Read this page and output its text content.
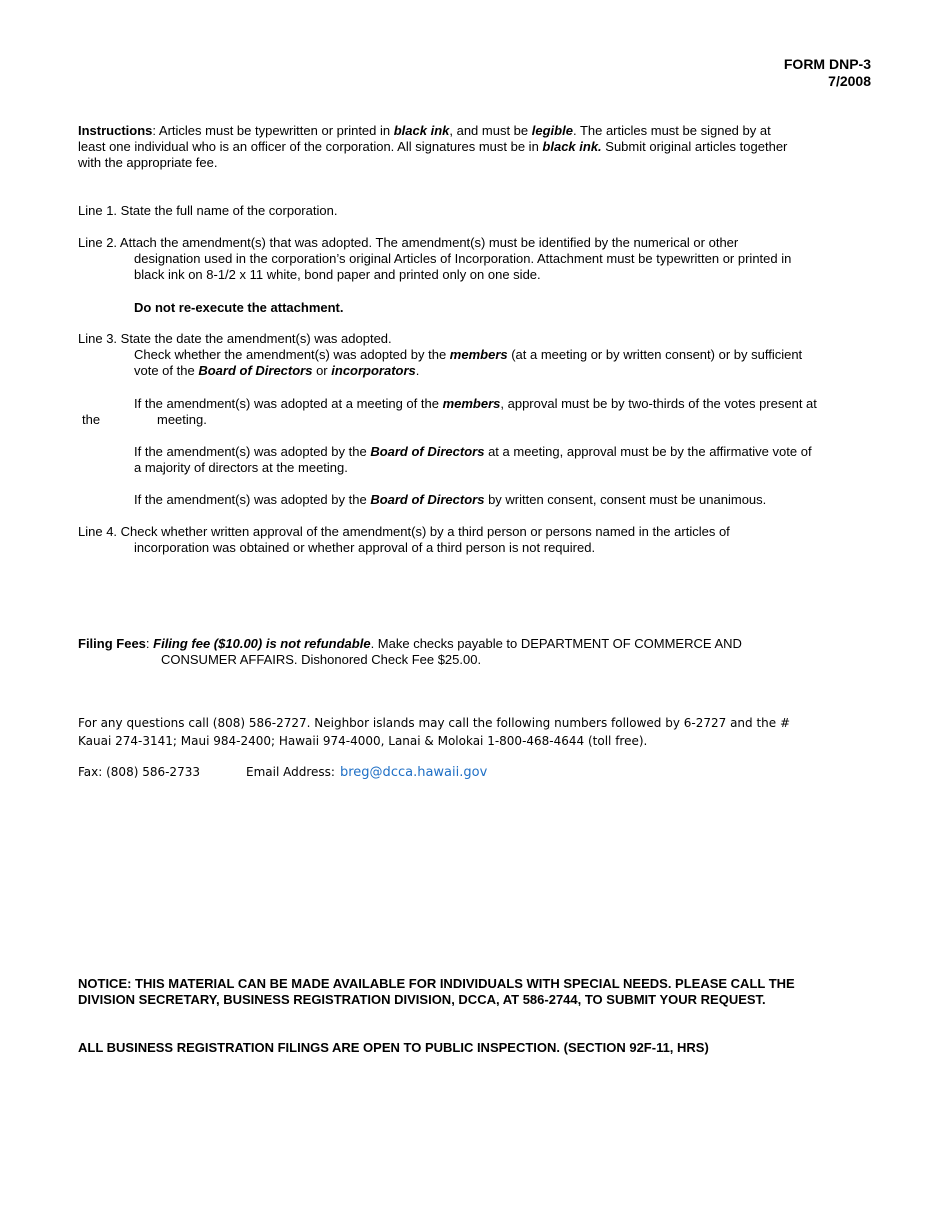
FORM DNP-3
7/2008
Instructions: Articles must be typewritten or printed in black ink, and must be legible. The articles must be signed by at
least one individual who is an officer of the corporation. All signatures must be in black ink. Submit original articles together
with the appropriate fee.
Line 1. State the full name of the corporation.
Line 2. Attach the amendment(s) that was adopted. The amendment(s) must be identified by the numerical or other
designation used in the corporation’s original Articles of Incorporation. Attachment must be typewritten or printed in
black ink on 8-1/2 x 11 white, bond paper and printed only on one side.
Do not re-execute the attachment.
Line 3. State the date the amendment(s) was adopted.
Check whether the amendment(s) was adopted by the members (at a meeting or by written consent) or by sufficient
vote of the Board of Directors or incorporators.
If the amendment(s) was adopted at a meeting of the members, approval must be by two-thirds of the votes present at
the	meeting.
If the amendment(s) was adopted by the Board of Directors at a meeting, approval must be by the affirmative vote of
a majority of directors at the meeting.
If the amendment(s) was adopted by the Board of Directors by written consent, consent must be unanimous.
Line 4. Check whether written approval of the amendment(s) by a third person or persons named in the articles of
incorporation was obtained or whether approval of a third person is not required.
Filing Fees: Filing fee ($10.00) is not refundable. Make checks payable to DEPARTMENT OF COMMERCE AND
CONSUMER AFFAIRS. Dishonored Check Fee $25.00.
For any questions call (808) 586-2727. Neighbor islands may call the following numbers followed by 6-2727 and the #
Kauai 274-3141; Maui 984-2400; Hawaii 974-4000, Lanai & Molokai 1-800-468-4644 (toll free).
Fax: (808) 586-2733	Email Address: breg@dcca.hawaii.gov
NOTICE: THIS MATERIAL CAN BE MADE AVAILABLE FOR INDIVIDUALS WITH SPECIAL NEEDS. PLEASE CALL THE
DIVISION SECRETARY, BUSINESS REGISTRATION DIVISION, DCCA, AT 586-2744, TO SUBMIT YOUR REQUEST.
ALL BUSINESS REGISTRATION FILINGS ARE OPEN TO PUBLIC INSPECTION. (SECTION 92F-11, HRS)
